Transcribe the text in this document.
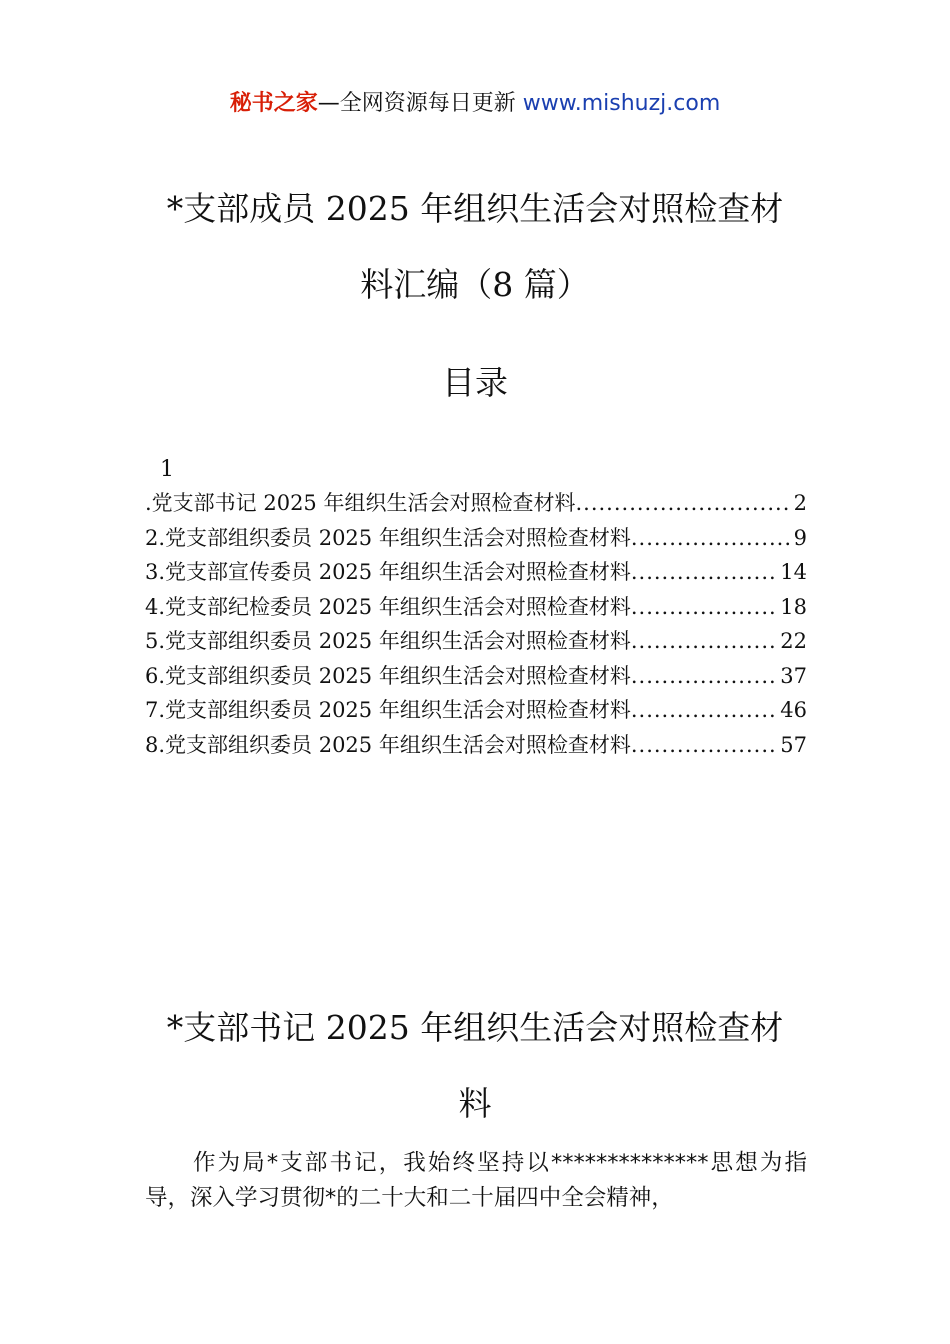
秘书之家—全网资源每日更新 www.mishuzj.com
*支部成员 2025 年组织生活会对照检查材
料汇编（8 篇）
目录
1
.党支部书记 2025 年组织生活会对照检查材料 .....	2
2.党支部组织委员 2025 年组织生活会对照检查材料 .....	9
3.党支部宣传委员 2025 年组织生活会对照检查材料 .....	14
4.党支部纪检委员 2025 年组织生活会对照检查材料 .....	18
5.党支部组织委员 2025 年组织生活会对照检查材料 .....	22
6.党支部组织委员 2025 年组织生活会对照检查材料 .....	37
7.党支部组织委员 2025 年组织生活会对照检查材料 .....	46
8.党支部组织委员 2025 年组织生活会对照检查材料 .....	57
*支部书记 2025 年组织生活会对照检查材
料

作为局*支部书记，我始终坚持以**************思想为指导，深入学习贯彻*的二十大和二十届四中全会精神，
